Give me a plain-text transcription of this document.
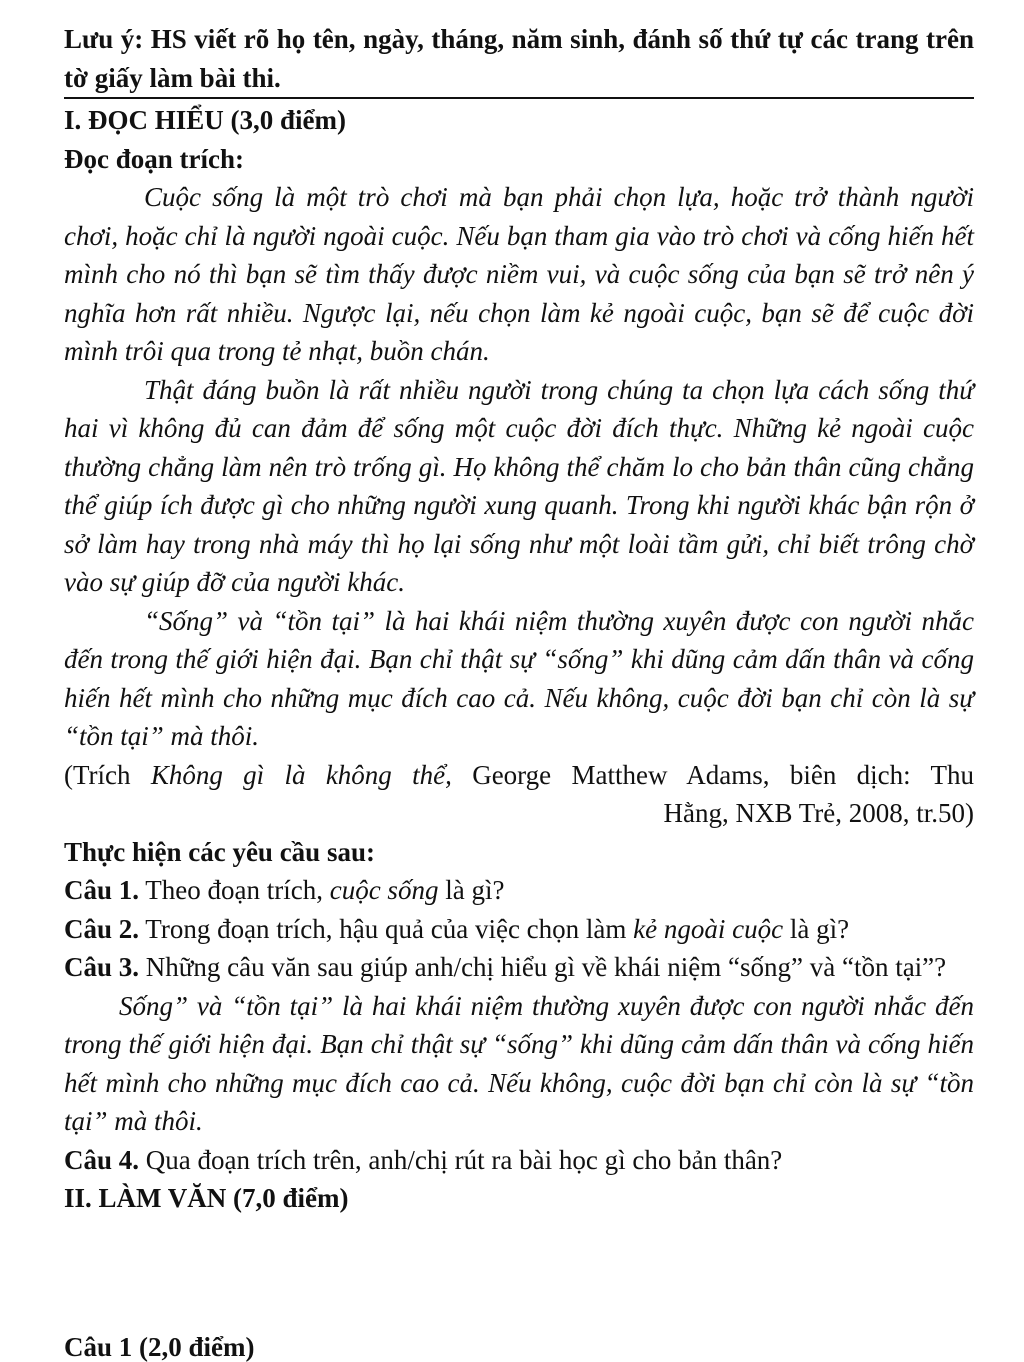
Lưu ý: HS viết rõ họ tên, ngày, tháng, năm sinh, đánh số thứ tự các trang trên tờ giấy làm bài thi.
I. ĐỌC HIỂU (3,0 điểm)
Đọc đoạn trích:

Cuộc sống là một trò chơi mà bạn phải chọn lựa, hoặc trở thành người chơi, hoặc chỉ là người ngoài cuộc. Nếu bạn tham gia vào trò chơi và cống hiến hết mình cho nó thì bạn sẽ tìm thấy được niềm vui, và cuộc sống của bạn sẽ trở nên ý nghĩa hơn rất nhiều. Ngược lại, nếu chọn làm kẻ ngoài cuộc, bạn sẽ để cuộc đời mình trôi qua trong tẻ nhạt, buồn chán.

Thật đáng buồn là rất nhiều người trong chúng ta chọn lựa cách sống thứ hai vì không đủ can đảm để sống một cuộc đời đích thực. Những kẻ ngoài cuộc thường chẳng làm nên trò trống gì. Họ không thể chăm lo cho bản thân cũng chẳng thể giúp ích được gì cho những người xung quanh. Trong khi người khác bận rộn ở sở làm hay trong nhà máy thì họ lại sống như một loài tầm gửi, chỉ biết trông chờ vào sự giúp đỡ của người khác.

“Sống” và “tồn tại” là hai khái niệm thường xuyên được con người nhắc đến trong thế giới hiện đại. Bạn chỉ thật sự “sống” khi dũng cảm dấn thân và cống hiến hết mình cho những mục đích cao cả. Nếu không, cuộc đời bạn chỉ còn là sự “tồn tại” mà thôi.

(Trích Không gì là không thể, George Matthew Adams, biên dịch: Thu
Hằng, NXB Trẻ, 2008, tr.50)
Thực hiện các yêu cầu sau:

Câu 1. Theo đoạn trích, cuộc sống là gì?

Câu 2. Trong đoạn trích, hậu quả của việc chọn làm kẻ ngoài cuộc là gì?

Câu 3. Những câu văn sau giúp anh/chị hiểu gì về khái niệm “sống” và “tồn tại”?

Sống” và “tồn tại” là hai khái niệm thường xuyên được con người nhắc đến trong thế giới hiện đại. Bạn chỉ thật sự “sống” khi dũng cảm dấn thân và cống hiến hết mình cho những mục đích cao cả. Nếu không, cuộc đời bạn chỉ còn là sự “tồn tại” mà thôi.

Câu 4. Qua đoạn trích trên, anh/chị rút ra bài học gì cho bản thân?

II. LÀM VĂN (7,0 điểm)
Câu 1 (2,0 điểm)
